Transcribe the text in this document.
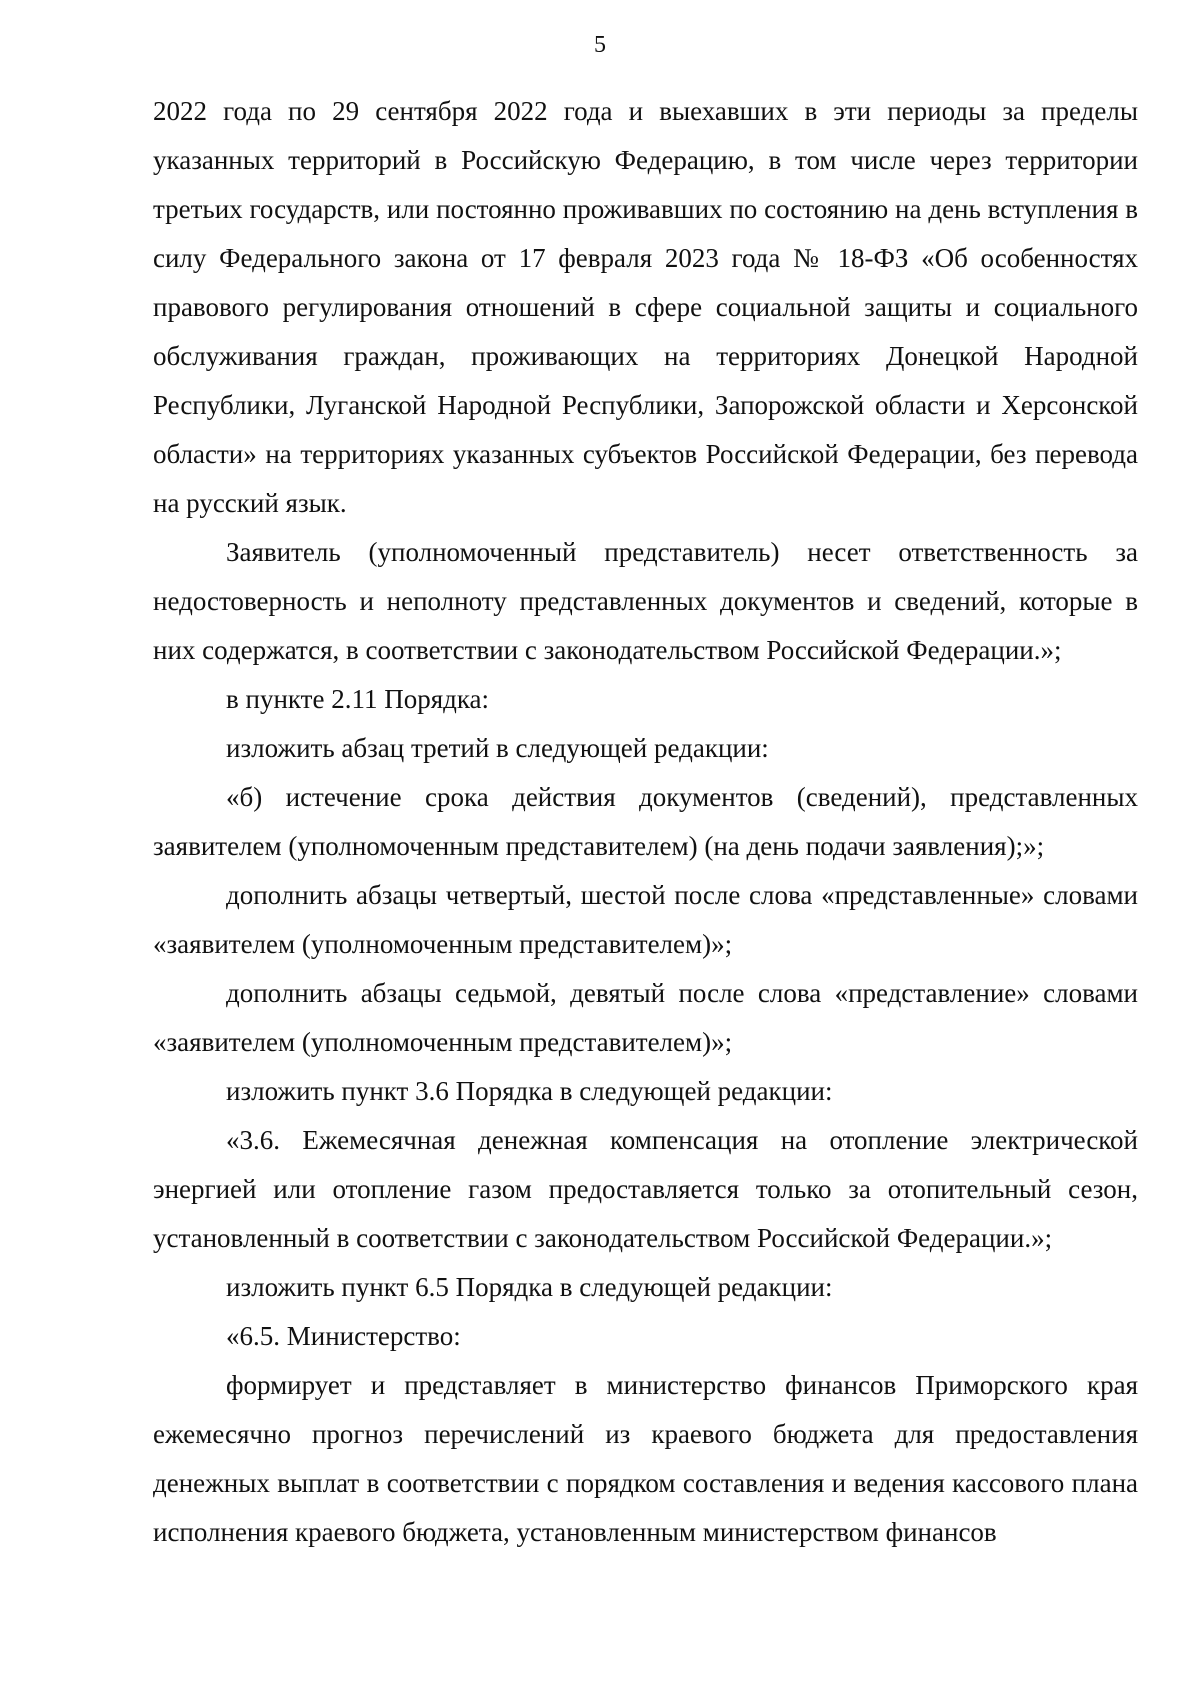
5

2022 года по 29 сентября 2022 года и выехавших в эти периоды за пределы указанных территорий в Российскую Федерацию, в том числе через территории третьих государств, или постоянно проживавших по состоянию на день вступления в силу Федерального закона от 17 февраля 2023 года № 18-ФЗ «Об особенностях правового регулирования отношений в сфере социальной защиты и социального обслуживания граждан, проживающих на территориях Донецкой Народной Республики, Луганской Народной Республики, Запорожской области и Херсонской области» на территориях указанных субъектов Российской Федерации, без перевода на русский язык.

Заявитель (уполномоченный представитель) несет ответственность за недостоверность и неполноту представленных документов и сведений, которые в них содержатся, в соответствии с законодательством Российской Федерации.»;

в пункте 2.11 Порядка:

изложить абзац третий в следующей редакции:

«б) истечение срока действия документов (сведений), представленных заявителем (уполномоченным представителем) (на день подачи заявления);»;

дополнить абзацы четвертый, шестой после слова «представленные» словами «заявителем (уполномоченным представителем)»;

дополнить абзацы седьмой, девятый после слова «представление» словами «заявителем (уполномоченным представителем)»;

изложить пункт 3.6 Порядка в следующей редакции:

«3.6. Ежемесячная денежная компенсация на отопление электрической энергией или отопление газом предоставляется только за отопительный сезон, установленный в соответствии с законодательством Российской Федерации.»;

изложить пункт 6.5 Порядка в следующей редакции:

«6.5. Министерство:

формирует и представляет в министерство финансов Приморского края ежемесячно прогноз перечислений из краевого бюджета для предоставления денежных выплат в соответствии с порядком составления и ведения кассового плана исполнения краевого бюджета, установленным министерством финансов
